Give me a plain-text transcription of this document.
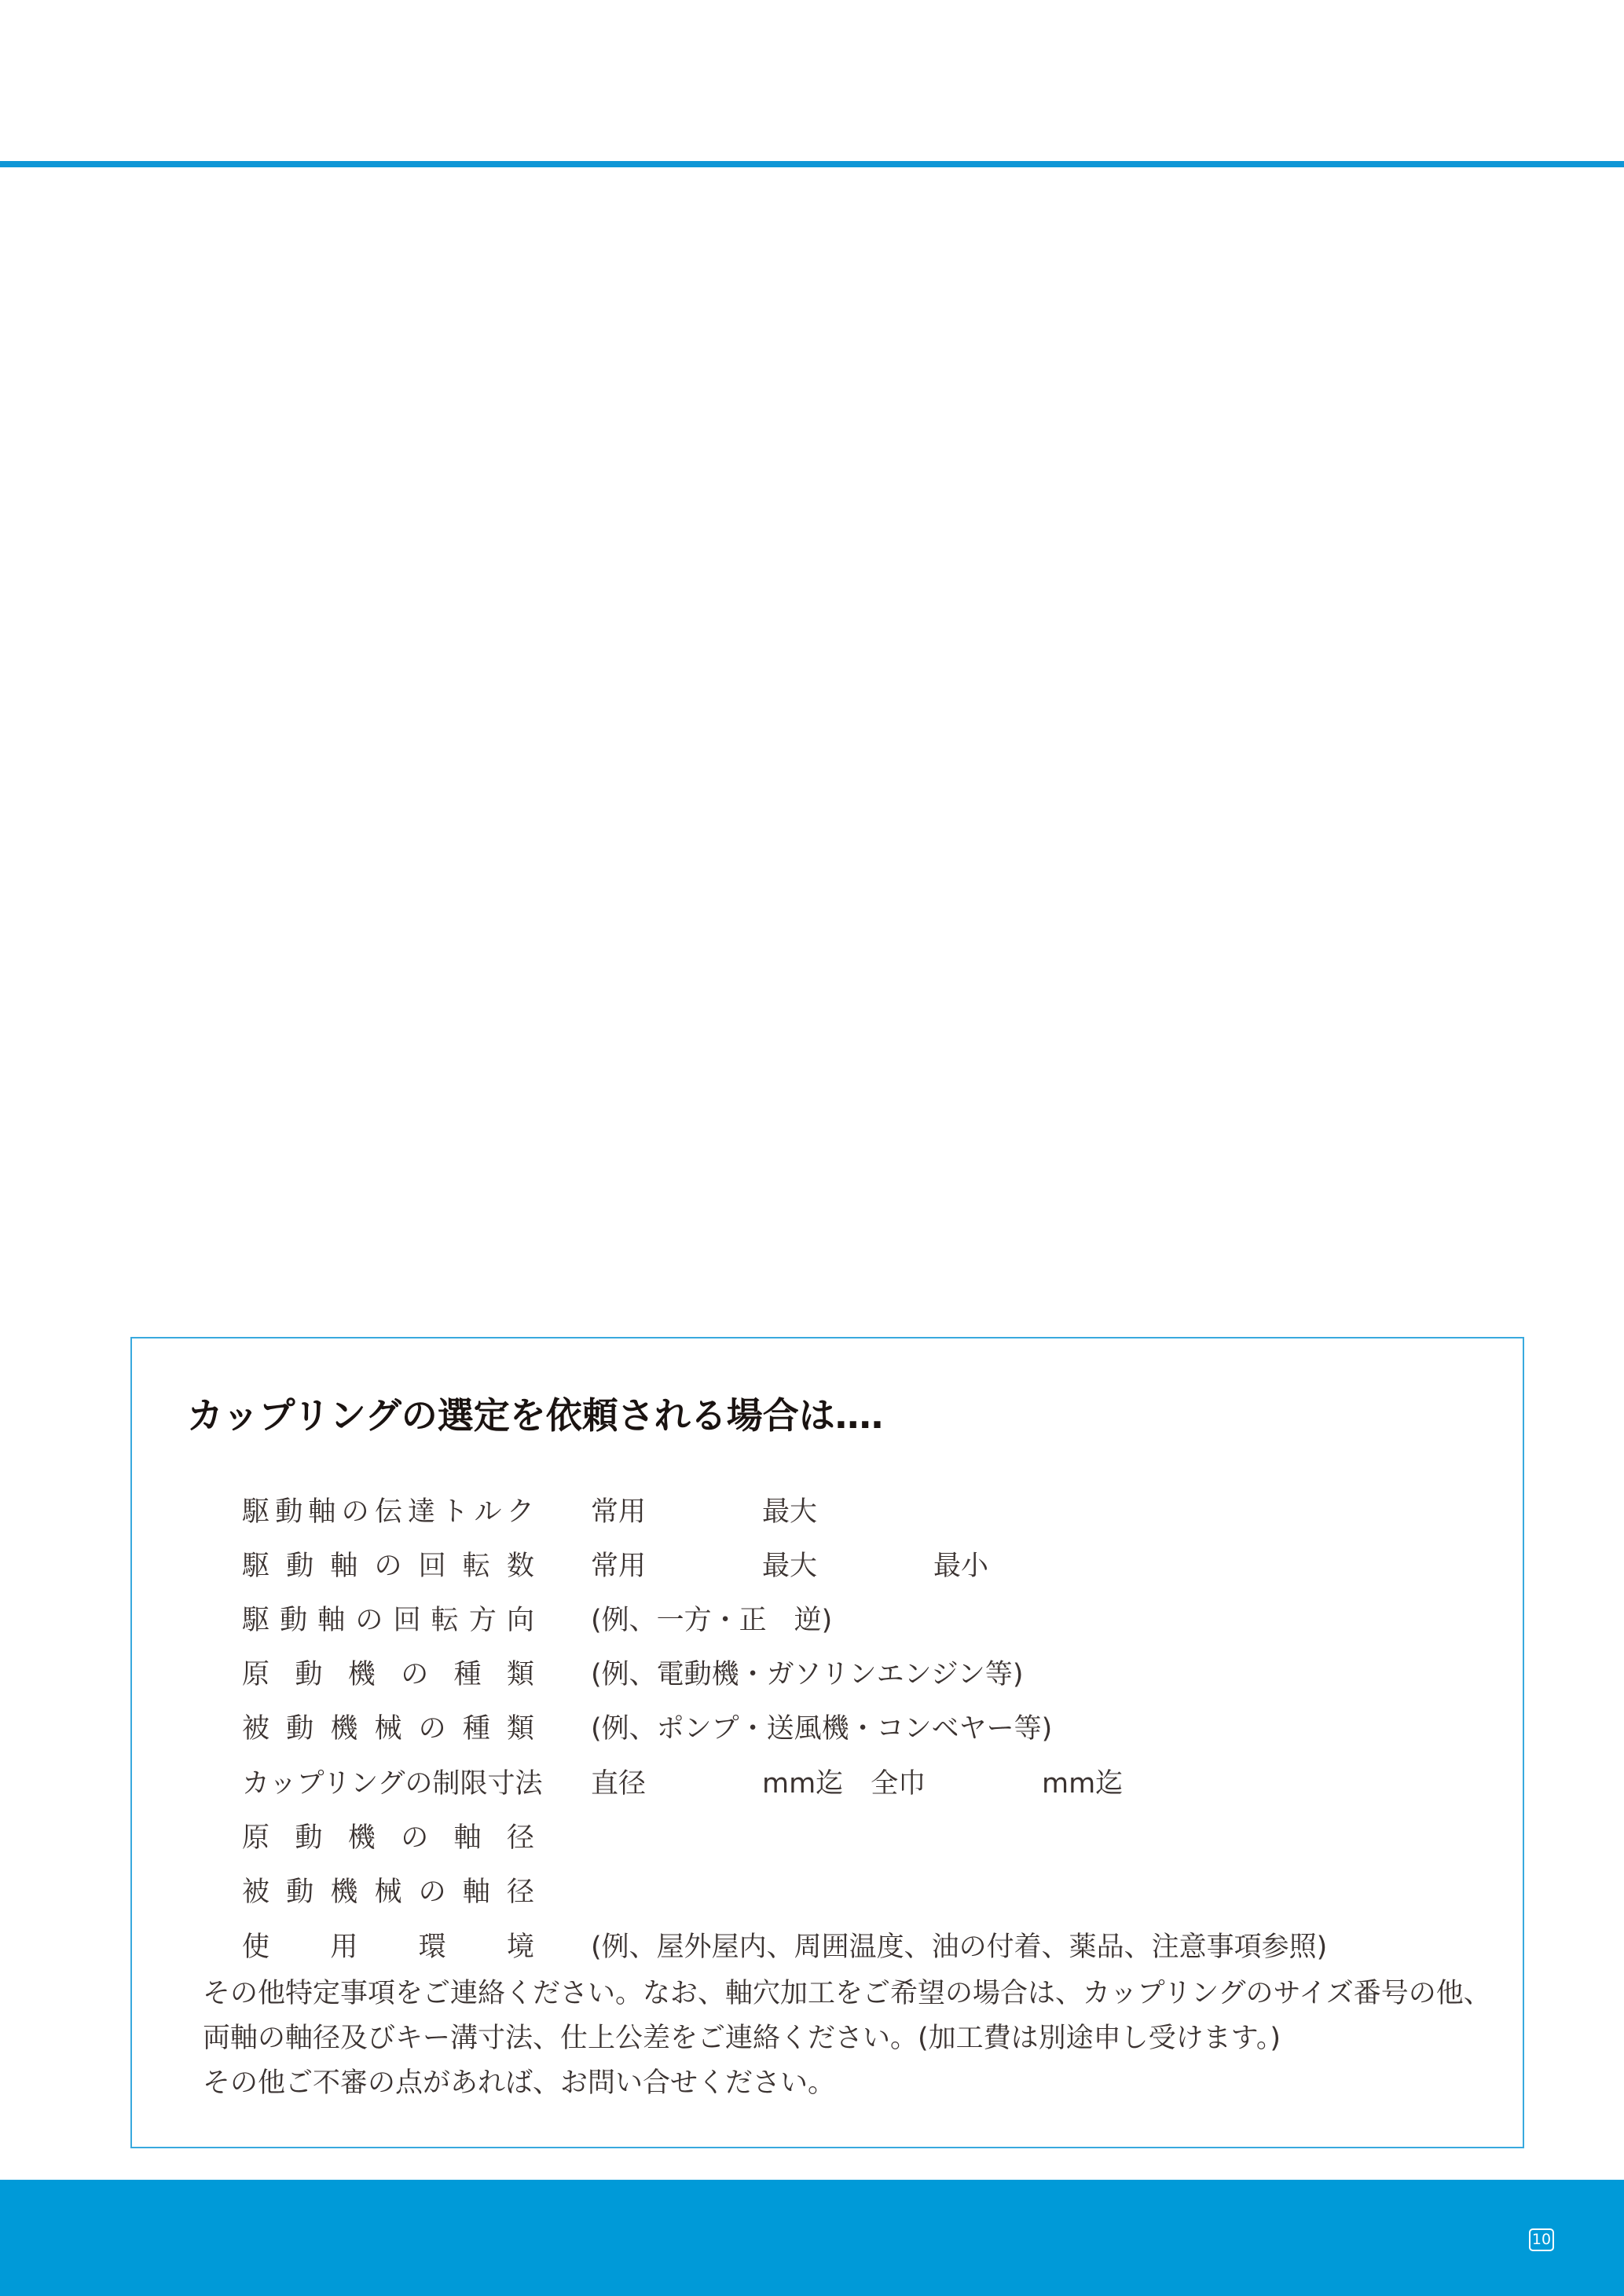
カップリングの選定を依頼される場合は‥‥
駆動軸の伝達トルク 常用	最大
駆動軸の回転数 常用	最大	最小
駆動軸の回転方向 (例、一方・正　逆)
原動機の種類 (例、電動機・ガソリンエンジン等)
被動機械の種類 (例、ポンプ・送風機・コンベヤー等)
カップリングの制限寸法 直径	mm迄　全巾	mm迄
原動機の軸径
被動機械の軸径
使用環境 (例、屋外屋内、周囲温度、油の付着、薬品、注意事項参照)
その他特定事項をご連絡ください。なお、軸穴加工をご希望の場合は、カップリングのサイズ番号の他、
両軸の軸径及びキー溝寸法、仕上公差をご連絡ください。(加工費は別途申し受けます。)
その他ご不審の点があれば、お問い合せください。
10
